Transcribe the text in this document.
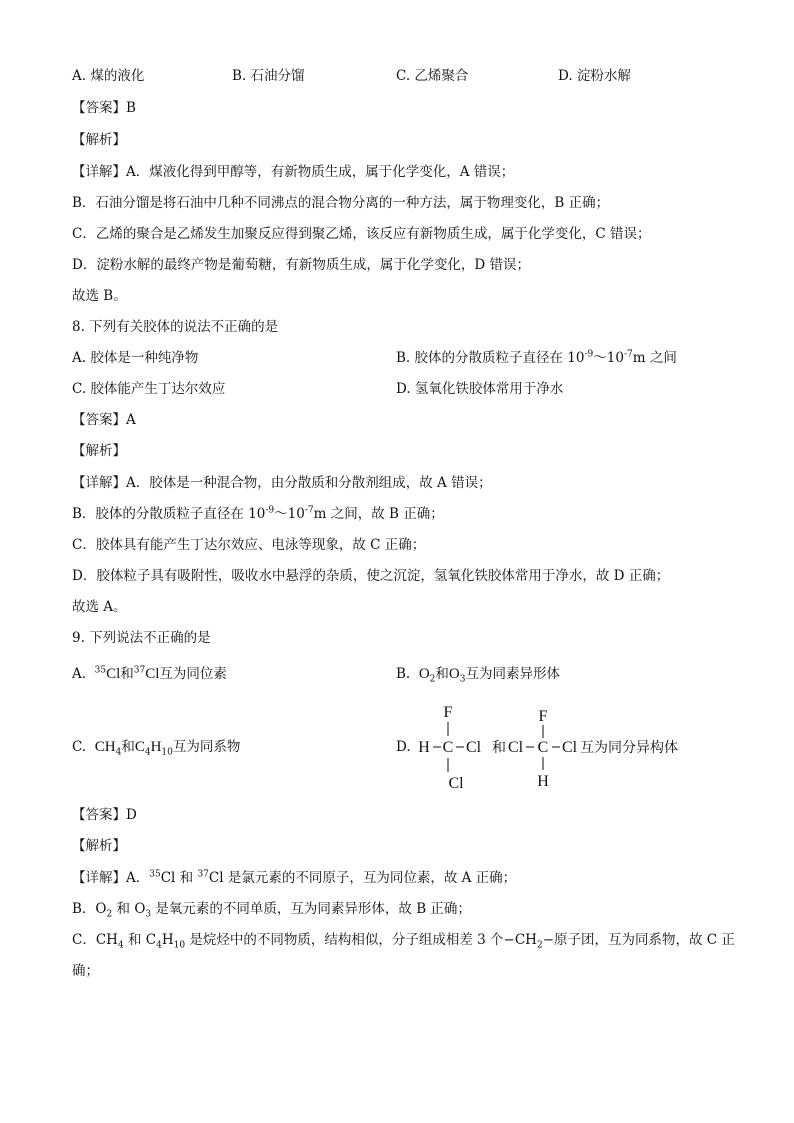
A. 煤的液化	B. 石油分馏	C. 乙烯聚合	D. 淀粉水解
【答案】B
【解析】
【详解】A．煤液化得到甲醇等，有新物质生成，属于化学变化，A 错误；
B．石油分馏是将石油中几种不同沸点的混合物分离的一种方法，属于物理变化，B 正确；
C．乙烯的聚合是乙烯发生加聚反应得到聚乙烯，该反应有新物质生成，属于化学变化，C 错误；
D．淀粉水解的最终产物是葡萄糖，有新物质生成，属于化学变化，D 错误；
故选 B。
8. 下列有关胶体的说法不正确的是
A. 胶体是一种纯净物	B. 胶体的分散质粒子直径在 $10^{-9}\sim 10^{-7}m$ 之间
C. 胶体能产生丁达尔效应	D. 氢氧化铁胶体常用于净水
【答案】A
【解析】
【详解】A．胶体是一种混合物，由分散质和分散剂组成，故 A 错误；
B．胶体的分散质粒子直径在 $10^{-9}\sim 10^{-7}m$ 之间，故 B 正确；
C．胶体具有能产生丁达尔效应、电泳等现象，故 C 正确；
D．胶体粒子具有吸附性，吸收水中悬浮的杂质，使之沉淀，氢氧化铁胶体常用于净水，故 D 正确；
故选 A。
9. 下列说法不正确的是
A. $^{35}$Cl和$^{37}$Cl互为同位素	B. $O_2$和$O_3$互为同素异形体
C. $CH_4$和$C_4H_{10}$互为同系物	D.
F
H C Cl
Cl
和
F
Cl C Cl
H
互为同分异构体
【答案】D
【解析】
【详解】A．$^{35}$Cl 和 $^{37}$Cl 是氯元素的不同原子，互为同位素，故 A 正确；
B．$O_2$ 和 $O_3$ 是氧元素的不同单质，互为同素异形体，故 B 正确；
C．$CH_4$ 和 $C_4H_{10}$ 是烷烃中的不同物质，结构相似，分子组成相差 3 个$-CH_2-$原子团，互为同系物，故 C 正
确；
